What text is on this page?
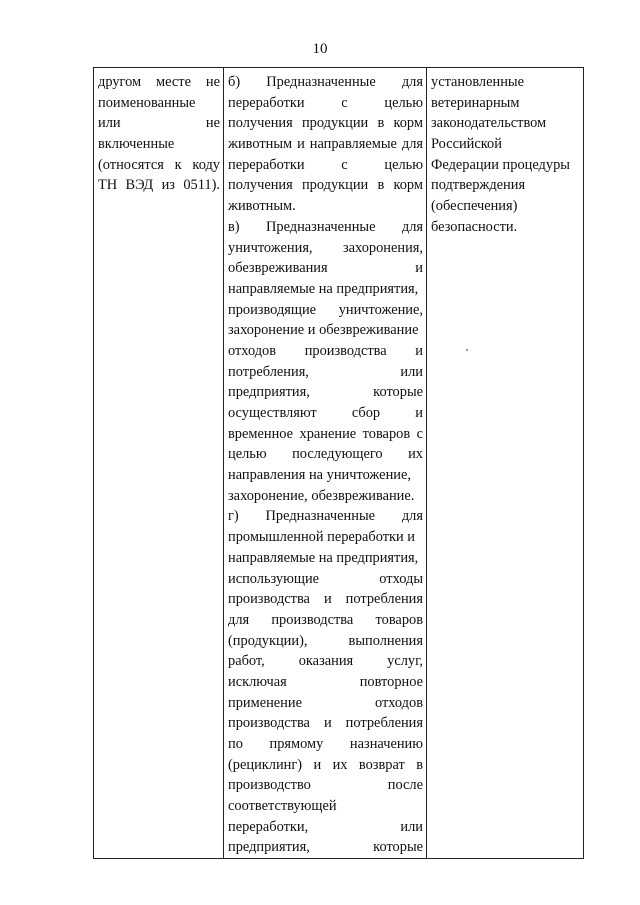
10
другом месте не
поименованные
или не
включенные
(относятся к коду
ТН ВЭД из 0511).

б) Предназначенные для
переработки с целью
получения продукции в корм
животным и направляемые для
переработки с целью
получения продукции в корм
животным.
в) Предназначенные для
уничтожения, захоронения,
обезвреживания и
направляемые на предприятия,
производящие уничтожение,
захоронение и обезвреживание
отходов производства и
потребления, или
предприятия, которые
осуществляют сбор и
временное хранение товаров с
целью последующего их
направления на уничтожение,
захоронение, обезвреживание.
г) Предназначенные для
промышленной переработки и
направляемые на предприятия,
использующие отходы
производства и потребления
для производства товаров
(продукции), выполнения
работ, оказания услуг,
исключая повторное
применение отходов
производства и потребления
по прямому назначению
(рециклинг) и их возврат в
производство после
соответствующей
переработки, или
предприятия, которые

установленные
ветеринарным
законодательством
Российской
Федерации процедуры
подтверждения
(обеспечения)
безопасности.
